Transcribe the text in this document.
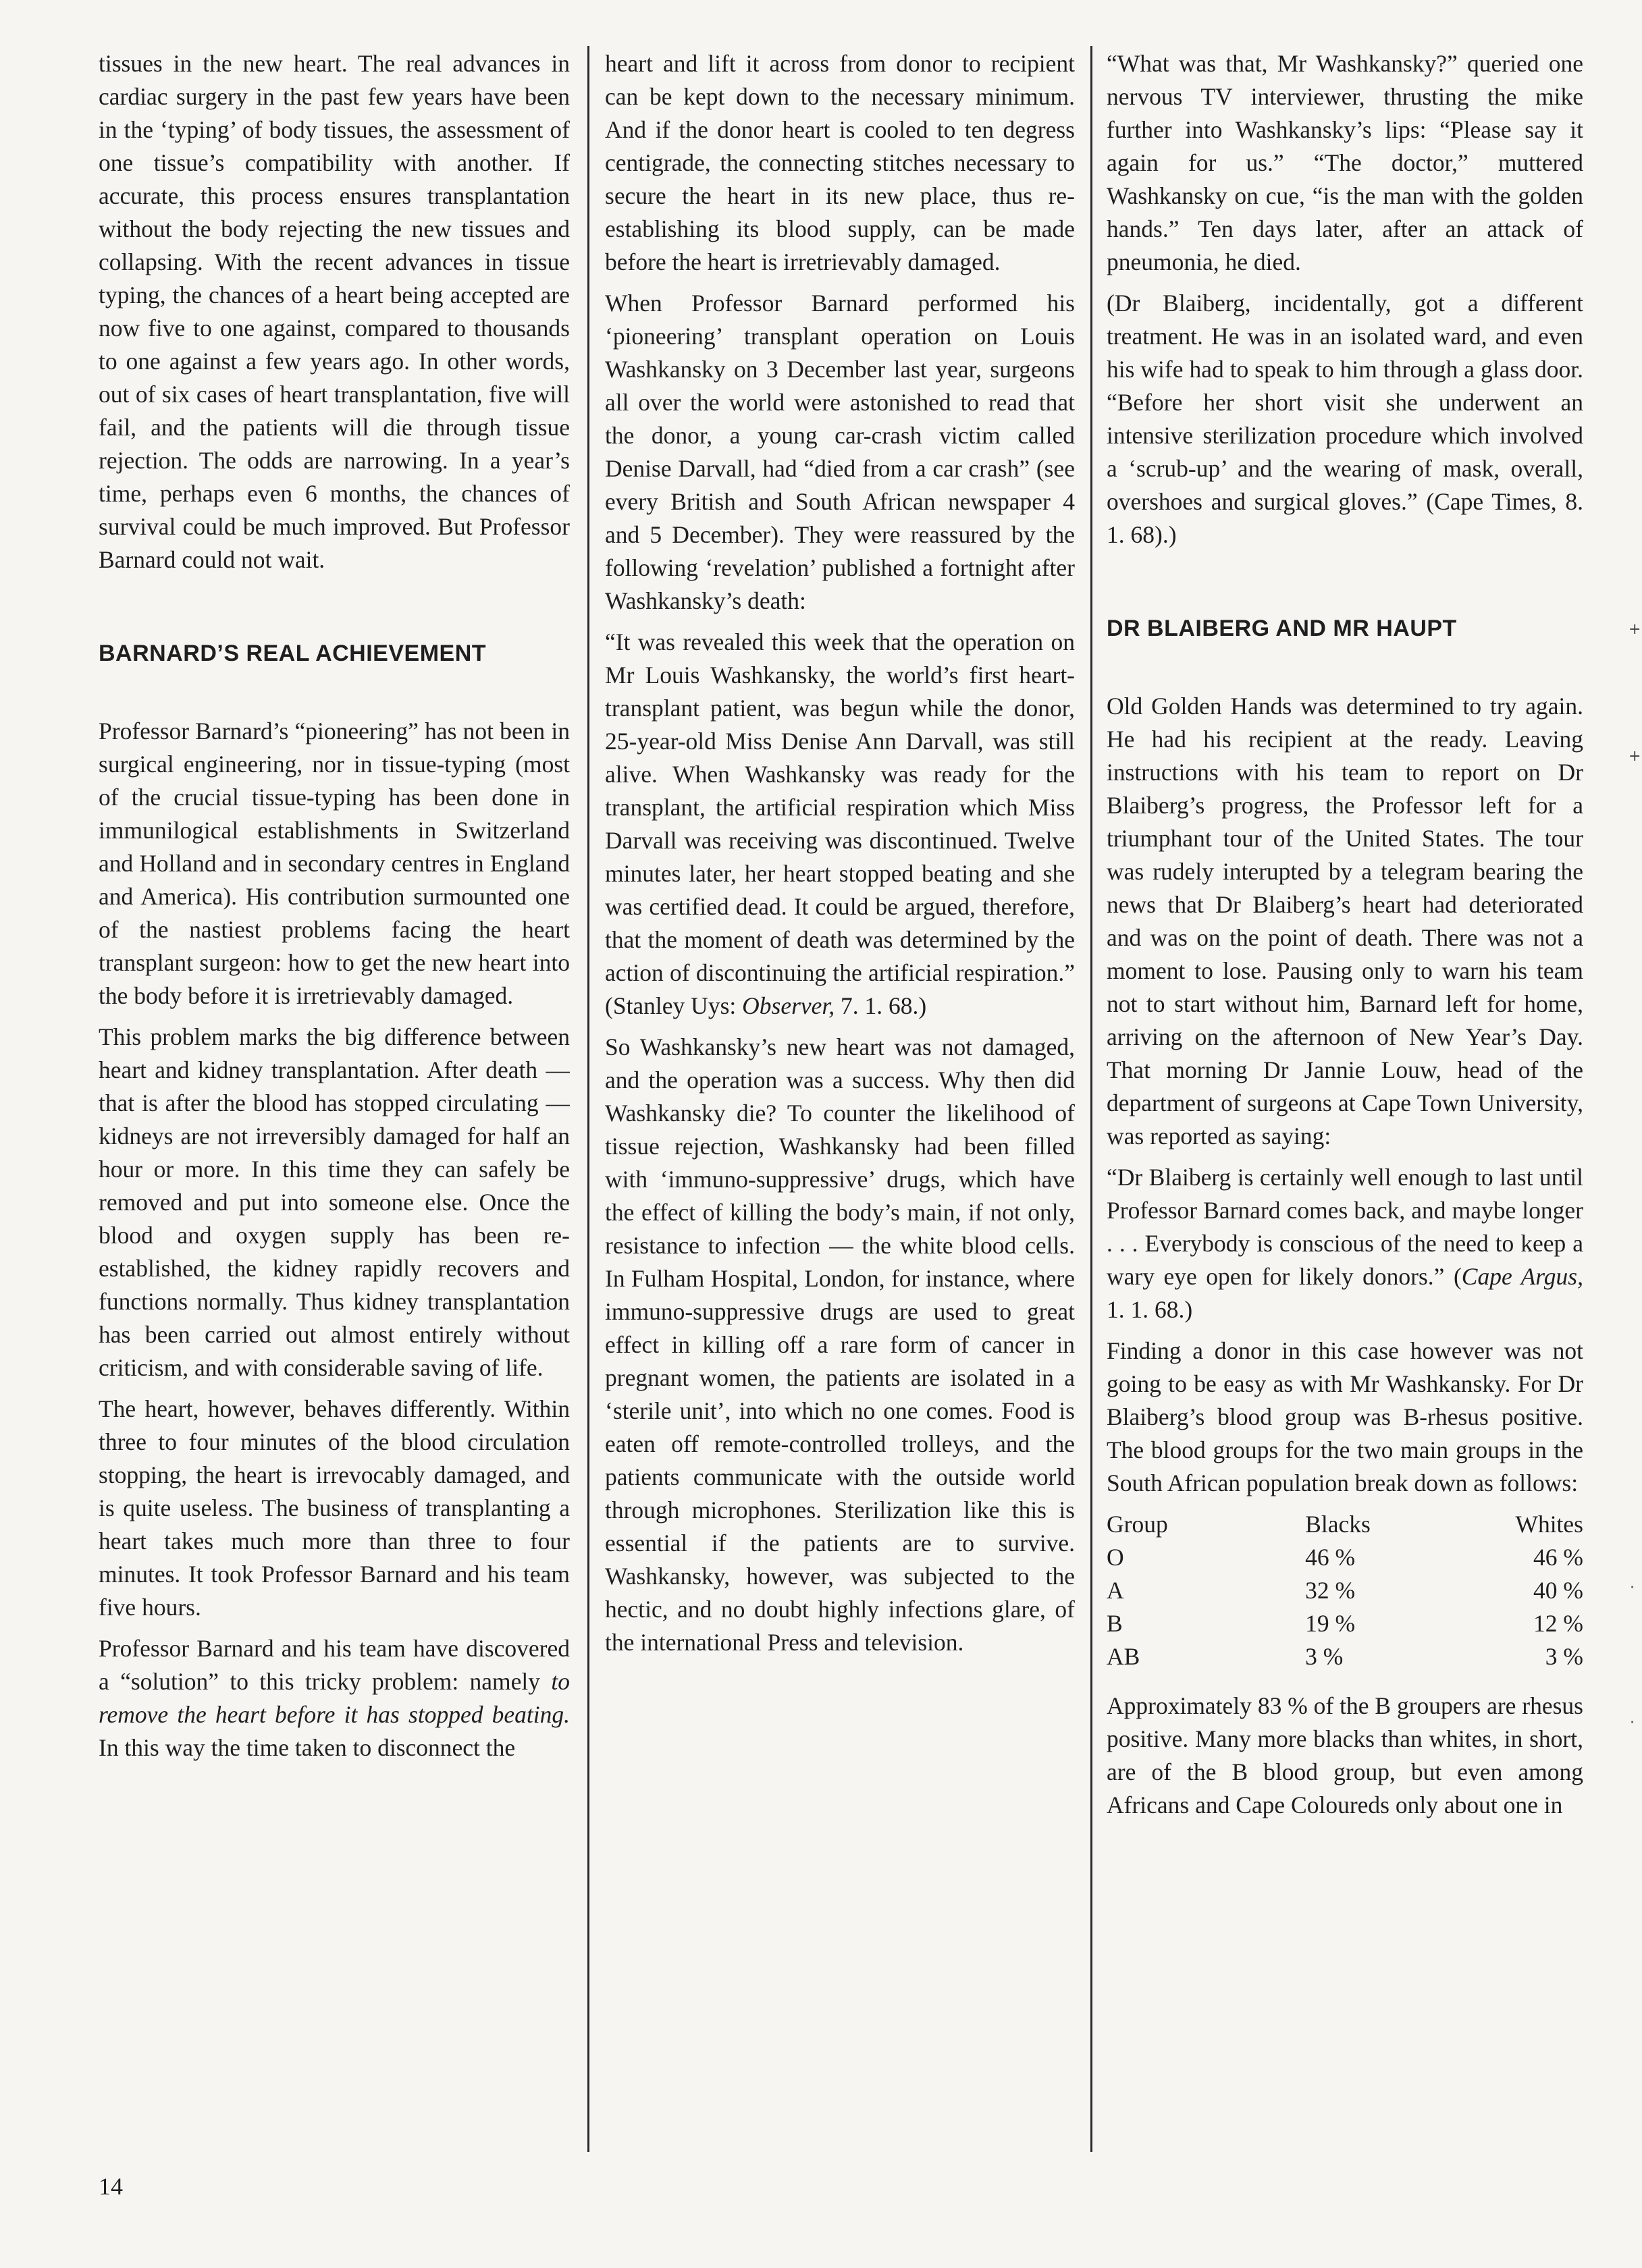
tissues in the new heart. The real advances in cardiac surgery in the past few years have been in the ‘typing’ of body tissues, the assessment of one tissue’s compatibility with another. If accurate, this process ensures transplantation without the body rejecting the new tissues and collapsing. With the recent advances in tissue typing, the chances of a heart being accepted are now five to one against, compared to thousands to one against a few years ago. In other words, out of six cases of heart transplantation, five will fail, and the patients will die through tissue rejection. The odds are narrowing. In a year’s time, perhaps even 6 months, the chances of survival could be much improved. But Professor Barnard could not wait.

BARNARD’S REAL ACHIEVEMENT

Professor Barnard’s “pioneering” has not been in surgical engineering, nor in tissue-typing (most of the crucial tissue-typing has been done in immunilogical establishments in Switzerland and Holland and in secondary centres in England and America). His contribution surmounted one of the nastiest problems facing the heart transplant surgeon: how to get the new heart into the body before it is irretrievably damaged.

This problem marks the big difference between heart and kidney transplantation. After death — that is after the blood has stopped circulating — kidneys are not irreversibly damaged for half an hour or more. In this time they can safely be removed and put into someone else. Once the blood and oxygen supply has been re-established, the kidney rapidly recovers and functions normally. Thus kidney transplantation has been carried out almost entirely without criticism, and with considerable saving of life.

The heart, however, behaves differently. Within three to four minutes of the blood circulation stopping, the heart is irrevocably damaged, and is quite useless. The business of transplanting a heart takes much more than three to four minutes. It took Professor Barnard and his team five hours.

Professor Barnard and his team have discovered a “solution” to this tricky problem: namely to remove the heart before it has stopped beating. In this way the time taken to disconnect the

heart and lift it across from donor to recipient can be kept down to the necessary minimum. And if the donor heart is cooled to ten degress centigrade, the connecting stitches necessary to secure the heart in its new place, thus re-establishing its blood supply, can be made before the heart is irretrievably damaged.

When Professor Barnard performed his ‘pioneering’ transplant operation on Louis Washkansky on 3 December last year, surgeons all over the world were astonished to read that the donor, a young car-crash victim called Denise Darvall, had “died from a car crash” (see every British and South African newspaper 4 and 5 December). They were reassured by the following ‘revelation’ published a fortnight after Washkansky’s death:

“It was revealed this week that the operation on Mr Louis Washkansky, the world’s first heart-transplant patient, was begun while the donor, 25-year-old Miss Denise Ann Darvall, was still alive. When Washkansky was ready for the transplant, the artificial respiration which Miss Darvall was receiving was discontinued. Twelve minutes later, her heart stopped beating and she was certified dead. It could be argued, therefore, that the moment of death was determined by the action of discontinuing the artificial respiration.” (Stanley Uys: Observer, 7. 1. 68.)

So Washkansky’s new heart was not damaged, and the operation was a success. Why then did Washkansky die? To counter the likelihood of tissue rejection, Washkansky had been filled with ‘immuno-suppressive’ drugs, which have the effect of killing the body’s main, if not only, resistance to infection — the white blood cells. In Fulham Hospital, London, for instance, where immuno-suppressive drugs are used to great effect in killing off a rare form of cancer in pregnant women, the patients are isolated in a ‘sterile unit’, into which no one comes. Food is eaten off remote-controlled trolleys, and the patients communicate with the outside world through microphones. Sterilization like this is essential if the patients are to survive. Washkansky, however, was subjected to the hectic, and no doubt highly infections glare, of the international Press and television.

“What was that, Mr Washkansky?” queried one nervous TV interviewer, thrusting the mike further into Washkansky’s lips: “Please say it again for us.” “The doctor,” muttered Washkansky on cue, “is the man with the golden hands.” Ten days later, after an attack of pneumonia, he died.

(Dr Blaiberg, incidentally, got a different treatment. He was in an isolated ward, and even his wife had to speak to him through a glass door. “Before her short visit she underwent an intensive sterilization procedure which involved a ‘scrub-up’ and the wearing of mask, overall, overshoes and surgical gloves.” (Cape Times, 8. 1. 68).)

DR BLAIBERG AND MR HAUPT

Old Golden Hands was determined to try again. He had his recipient at the ready. Leaving instructions with his team to report on Dr Blaiberg’s progress, the Professor left for a triumphant tour of the United States. The tour was rudely interupted by a telegram bearing the news that Dr Blaiberg’s heart had deteriorated and was on the point of death. There was not a moment to lose. Pausing only to warn his team not to start without him, Barnard left for home, arriving on the afternoon of New Year’s Day. That morning Dr Jannie Louw, head of the department of surgeons at Cape Town University, was reported as saying:

“Dr Blaiberg is certainly well enough to last until Professor Barnard comes back, and maybe longer . . . Everybody is conscious of the need to keep a wary eye open for likely donors.” (Cape Argus, 1. 1. 68.)

Finding a donor in this case however was not going to be easy as with Mr Washkansky. For Dr Blaiberg’s blood group was B-rhesus positive. The blood groups for the two main groups in the South African population break down as follows:

Group	Blacks	Whites
O	46 %	46 %
A	32 %	40 %
B	19 %	12 %
AB	3 %	3 %

Approximately 83 % of the B groupers are rhesus positive. Many more blacks than whites, in short, are of the B blood group, but even among Africans and Cape Coloureds only about one in

14
+
+
·
·
